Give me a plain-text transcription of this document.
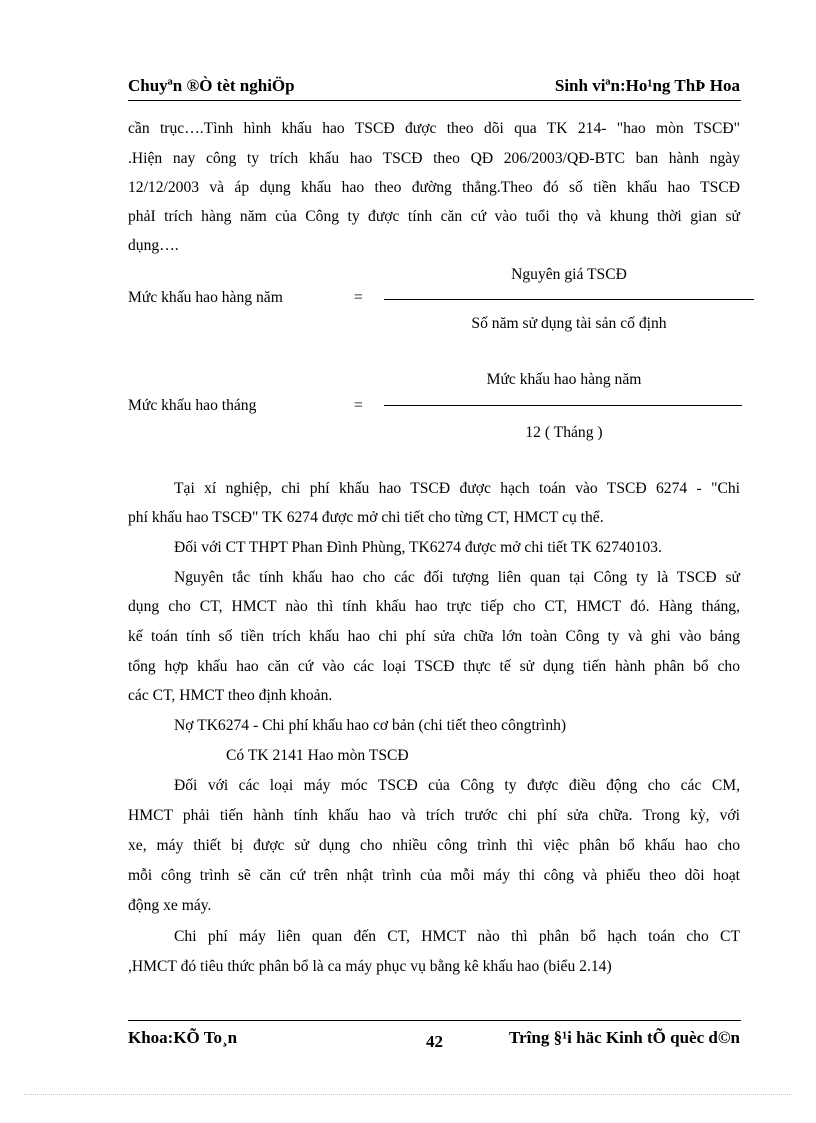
Chuyªn ®Ò tèt nghiÖp	Sinh viªn:Ho¹ng ThÞ Hoa
cần trục….Tình hình khấu hao TSCĐ được theo dõi qua TK 214- "hao mòn TSCĐ"
.Hiện nay công ty trích khấu hao TSCĐ theo QĐ 206/2003/QĐ-BTC ban hành ngày
12/12/2003 và áp dụng khấu hao theo đường thẳng.Theo đó số tiền khấu hao TSCĐ
phảI trích hàng năm của Công ty được tính căn cứ vào tuổi thọ và khung thời gian sử
dụng….
Mức khấu hao hàng năm	=
Nguyên giá TSCĐ
Số năm sử dụng tài sản cố định
Mức khấu hao tháng	=
Mức khấu hao hàng năm
12 ( Tháng )
Tại xí nghiệp, chi phí khấu hao TSCĐ được hạch toán vào TSCĐ 6274 - "Chi
phí khấu hao TSCĐ" TK 6274 được mở chi tiết cho từng CT, HMCT cụ thể.
Đối với CT THPT Phan Đình Phùng, TK6274 được mở chi tiết TK 62740103.
Nguyên tắc tính khấu hao cho các đối tượng liên quan tại Công ty là TSCĐ sử
dụng cho CT, HMCT nào thì tính khấu hao trực tiếp cho CT, HMCT đó. Hàng tháng,
kế toán tính số tiền trích khấu hao chi phí sửa chữa lớn toàn Công ty và ghi vào bảng
tổng hợp khấu hao căn cứ vào các loại TSCĐ thực tế sử dụng tiến hành phân bổ cho
các CT, HMCT theo định khoản.
Nợ TK6274 - Chi phí khấu hao cơ bản (chi tiết theo côngtrình)
Có TK 2141 Hao mòn TSCĐ
Đối với các loại máy móc TSCĐ của Công ty được điều động cho các CM,
HMCT phải tiến hành tính khấu hao và trích trước chi phí sửa chữa. Trong kỳ, với
xe, máy thiết bị được sử dụng cho nhiều công trình thì việc phân bổ khấu hao cho
mỗi công trình sẽ căn cứ trên nhật trình của mỗi máy thi công và phiếu theo dõi hoạt
động xe máy.
Chi phí máy liên quan đến CT, HMCT nào thì phân bổ hạch toán cho CT
,HMCT đó tiêu thức phân bổ là ca máy phục vụ bằng kê khấu hao (biểu 2.14)
Khoa:KÕ To¸n	42	Trîng §¹i häc Kinh tÕ quèc d©n
